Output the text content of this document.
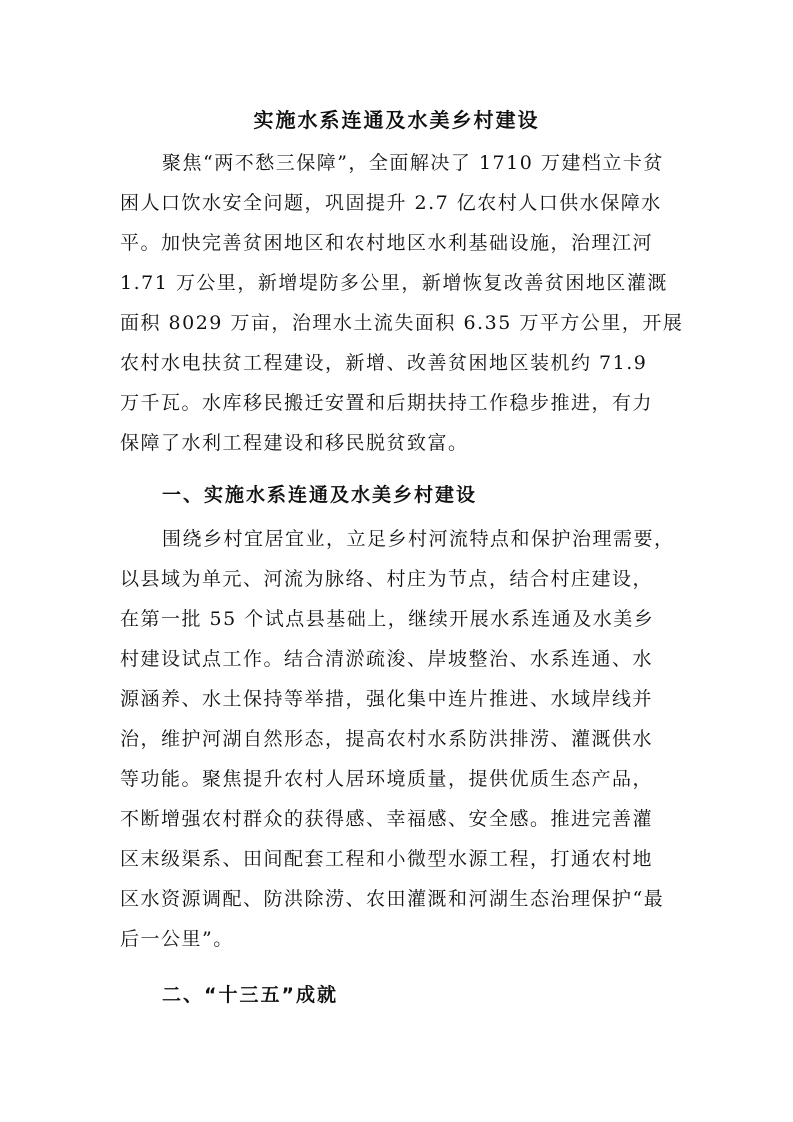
实施水系连通及水美乡村建设
聚焦“两不愁三保障”，全面解决了 1710 万建档立卡贫
困人口饮水安全问题，巩固提升 2.7 亿农村人口供水保障水
平。加快完善贫困地区和农村地区水利基础设施，治理江河
1.71 万公里，新增堤防多公里，新增恢复改善贫困地区灌溉
面积 8029 万亩，治理水土流失面积 6.35 万平方公里，开展
农村水电扶贫工程建设，新增、改善贫困地区装机约 71.9
万千瓦。水库移民搬迁安置和后期扶持工作稳步推进，有力
保障了水利工程建设和移民脱贫致富。
一、实施水系连通及水美乡村建设
围绕乡村宜居宜业，立足乡村河流特点和保护治理需要，
以县域为单元、河流为脉络、村庄为节点，结合村庄建设，
在第一批 55 个试点县基础上，继续开展水系连通及水美乡
村建设试点工作。结合清淤疏浚、岸坡整治、水系连通、水
源涵养、水土保持等举措，强化集中连片推进、水域岸线并
治，维护河湖自然形态，提高农村水系防洪排涝、灌溉供水
等功能。聚焦提升农村人居环境质量，提供优质生态产品，
不断增强农村群众的获得感、幸福感、安全感。推进完善灌
区末级渠系、田间配套工程和小微型水源工程，打通农村地
区水资源调配、防洪除涝、农田灌溉和河湖生态治理保护“最
后一公里”。
二、“十三五”成就
